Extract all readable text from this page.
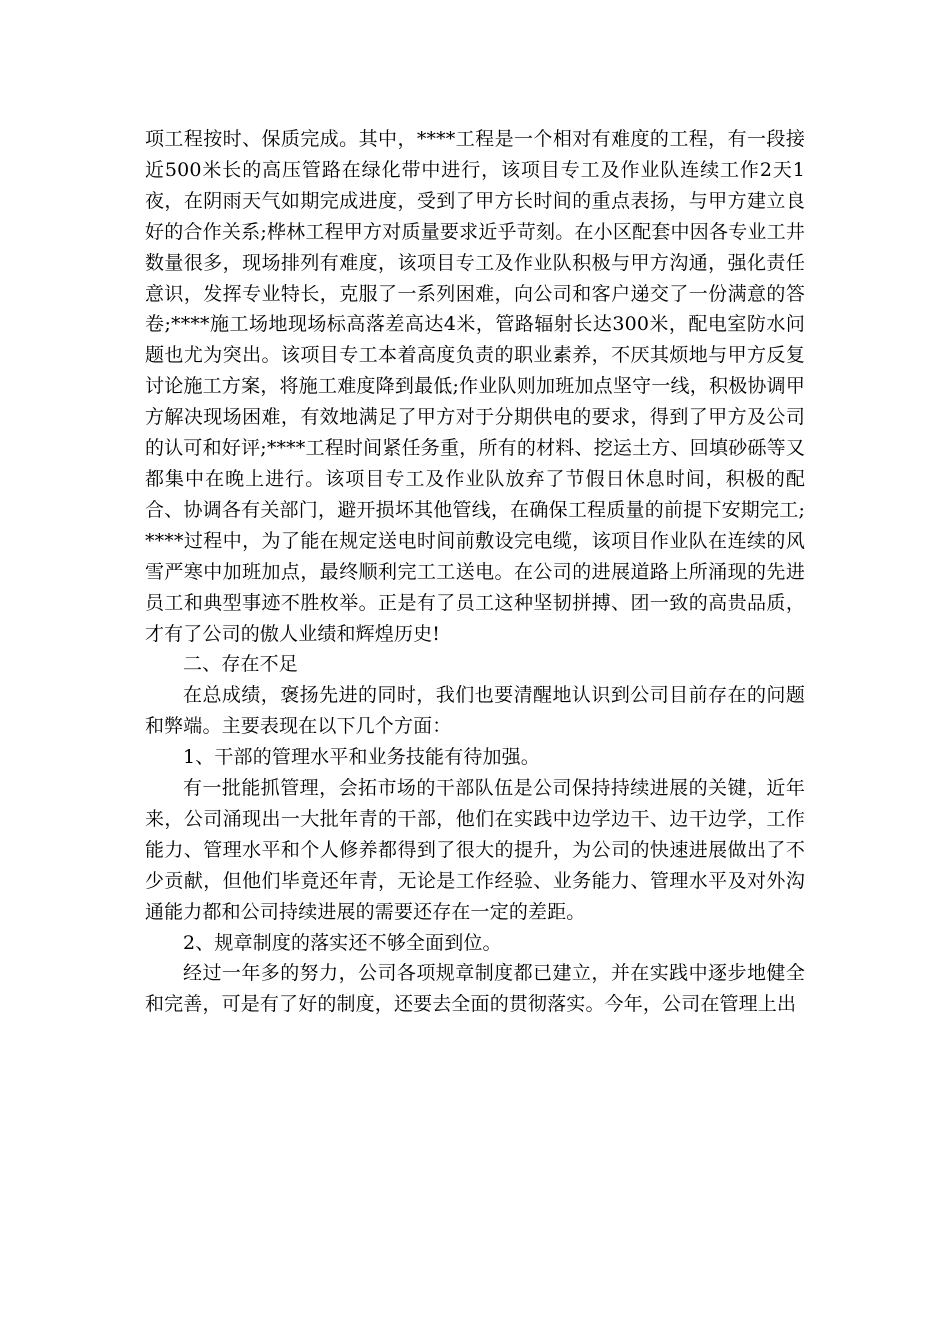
项工程按时、保质完成。其中，****工程是一个相对有难度的工程，有一段接近500米长的高压管路在绿化带中进行，该项目专工及作业队连续工作2天1夜，在阴雨天气如期完成进度，受到了甲方长时间的重点表扬，与甲方建立良好的合作关系;桦林工程甲方对质量要求近乎苛刻。在小区配套中因各专业工井数量很多，现场排列有难度，该项目专工及作业队积极与甲方沟通，强化责任意识，发挥专业特长，克服了一系列困难，向公司和客户递交了一份满意的答卷;****施工场地现场标高落差高达4米，管路辐射长达300米，配电室防水问题也尤为突出。该项目专工本着高度负责的职业素养，不厌其烦地与甲方反复讨论施工方案，将施工难度降到最低;作业队则加班加点坚守一线，积极协调甲方解决现场困难，有效地满足了甲方对于分期供电的要求，得到了甲方及公司的认可和好评;****工程时间紧任务重，所有的材料、挖运土方、回填砂砾等又都集中在晚上进行。该项目专工及作业队放弃了节假日休息时间，积极的配合、协调各有关部门，避开损坏其他管线，在确保工程质量的前提下安期完工;****过程中，为了能在规定送电时间前敷设完电缆，该项目作业队在连续的风雪严寒中加班加点，最终顺利完工工送电。在公司的进展道路上所涌现的先进员工和典型事迹不胜枚举。正是有了员工这种坚韧拼搏、团一致的高贵品质，才有了公司的傲人业绩和辉煌历史!

二、存在不足

在总成绩，褒扬先进的同时，我们也要清醒地认识到公司目前存在的问题和弊端。主要表现在以下几个方面：

1、干部的管理水平和业务技能有待加强。

有一批能抓管理，会拓市场的干部队伍是公司保持持续进展的关键，近年来，公司涌现出一大批年青的干部，他们在实践中边学边干、边干边学，工作能力、管理水平和个人修养都得到了很大的提升，为公司的快速进展做出了不少贡献，但他们毕竟还年青，无论是工作经验、业务能力、管理水平及对外沟通能力都和公司持续进展的需要还存在一定的差距。

2、规章制度的落实还不够全面到位。

经过一年多的努力，公司各项规章制度都已建立，并在实践中逐步地健全和完善，可是有了好的制度，还要去全面的贯彻落实。今年，公司在管理上出
